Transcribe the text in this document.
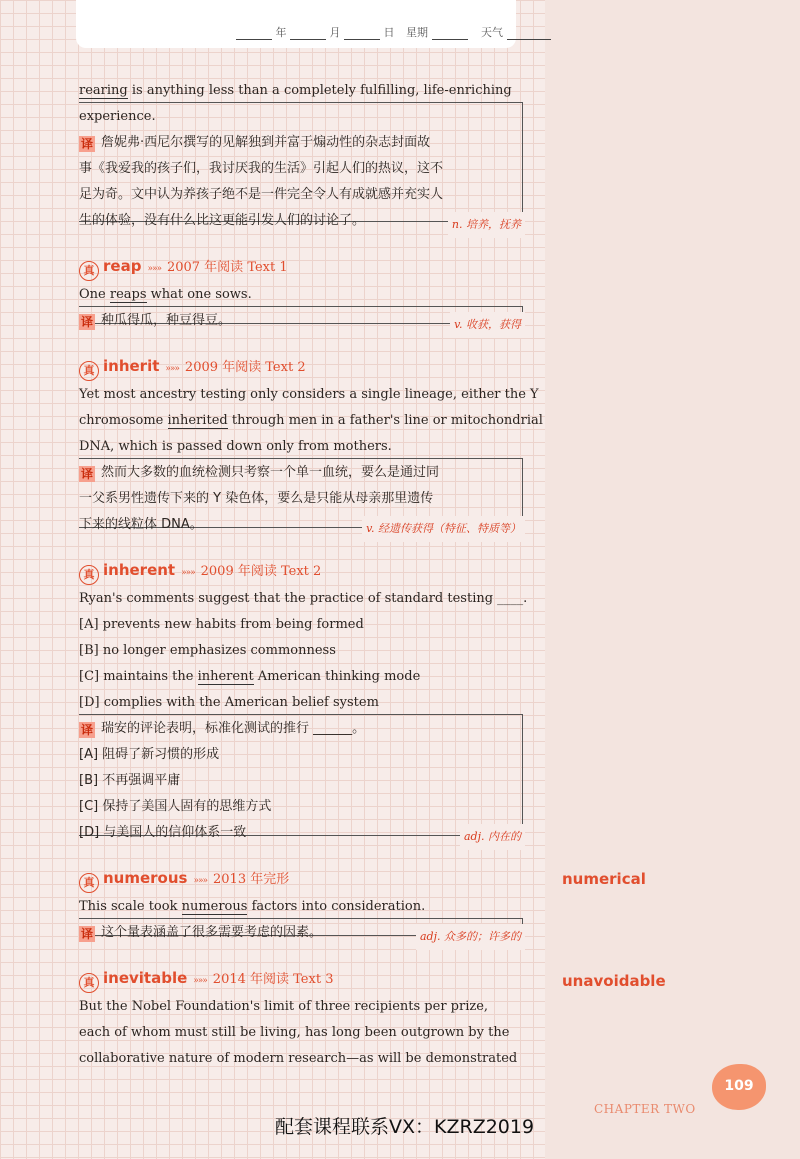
年	月	日 星期	天气

rearing is anything less than a completely fulfilling, life-enriching

experience.

译 詹妮弗·西尼尔撰写的见解独到并富于煽动性的杂志封面故

事《我爱我的孩子们，我讨厌我的生活》引起人们的热议，这不

足为奇。文中认为养孩子绝不是一件完全令人有成就感并充实人

生的体验，没有什么比这更能引发人们的讨论了。	n. 培养，抚养

真 reap »»» 2007 年阅读 Text 1

One reaps what one sows.

译 种瓜得瓜，种豆得豆。	v. 收获，获得

真 inherit »»» 2009 年阅读 Text 2

Yet most ancestry testing only considers a single lineage, either the Y

chromosome inherited through men in a father's line or mitochondrial

DNA, which is passed down only from mothers.

译 然而大多数的血统检测只考察一个单一血统，要么是通过同

一父系男性遗传下来的 Y 染色体，要么是只能从母亲那里遗传

下来的线粒体 DNA。	v. 经遗传获得（特征、特质等）

真 inherent »»» 2009 年阅读 Text 2

Ryan's comments suggest that the practice of standard testing ____.

[A] prevents new habits from being formed

[B] no longer emphasizes commonness

[C] maintains the inherent American thinking mode

[D] complies with the American belief system

译 瑞安的评论表明，标准化测试的推行 ______。

[A] 阻碍了新习惯的形成

[B] 不再强调平庸

[C] 保持了美国人固有的思维方式

[D] 与美国人的信仰体系一致	adj. 内在的

真 numerous »»» 2013 年完形

This scale took numerous factors into consideration.

译 这个量表涵盖了很多需要考虑的因素。	adj. 众多的；许多的

真 inevitable »»» 2014 年阅读 Text 3

But the Nobel Foundation's limit of three recipients per prize,

each of whom must still be living, has long been outgrown by the

collaborative nature of modern research—as will be demonstrated

numerical
unavoidable
109
CHAPTER TWO
配套课程联系VX：KZRZ2019
